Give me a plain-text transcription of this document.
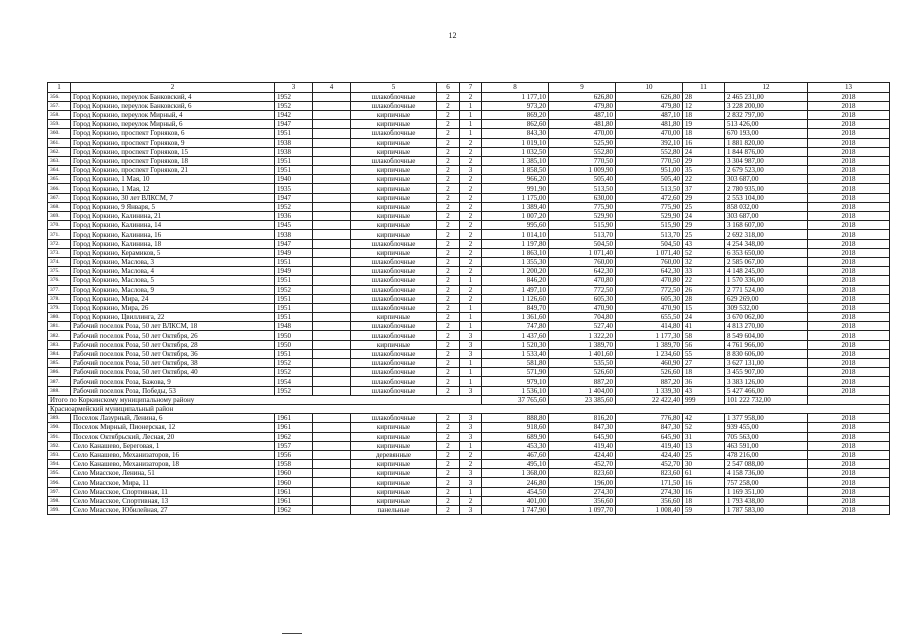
12
1	2	3	4	5	6	7	8	9	10	11	12	13
356.	Город Коркино, переулок Банковский, 4	1952		шлакоблочные	2	2	1 177,10	626,80	626,80	28	2 465 231,00	2018
357.	Город Коркино, переулок Банковский, 6	1952		шлакоблочные	2	1	973,20	479,80	479,80	12	3 228 200,00	2018
358.	Город Коркино, переулок Мирный, 4	1942		кирпичные	2	1	869,20	487,10	487,10	18	2 832 797,00	2018
359.	Город Коркино, переулок Мирный, 6	1947		кирпичные	2	1	862,60	481,80	481,80	19	513 426,00	2018
360.	Город Коркино, проспект Горняков, 6	1951		шлакоблочные	2	1	843,30	470,00	470,00	18	670 193,00	2018
361.	Город Коркино, проспект Горняков, 9	1938		кирпичные	2	2	1 019,10	525,90	392,10	16	1 881 820,00	2018
362.	Город Коркино, проспект Горняков, 15	1938		кирпичные	2	2	1 032,50	552,80	552,80	24	1 844 876,00	2018
363.	Город Коркино, проспект Горняков, 18	1951		шлакоблочные	2	2	1 385,10	770,50	770,50	29	3 304 987,00	2018
364.	Город Коркино, проспект Горняков, 21	1951		кирпичные	2	3	1 858,50	1 009,90	951,00	35	2 679 523,00	2018
365.	Город Коркино, 1 Мая, 10	1940		кирпичные	2	2	966,20	505,40	505,40	22	303 687,00	2018
366.	Город Коркино, 1 Мая, 12	1935		кирпичные	2	2	991,90	513,50	513,50	37	2 780 935,00	2018
367.	Город Коркино, 30 лет ВЛКСМ, 7	1947		кирпичные	2	2	1 175,00	630,00	472,60	29	2 553 104,00	2018
368.	Город Коркино, 9 Января, 5	1952		кирпичные	2	2	1 389,40	775,90	775,90	25	858 032,00	2018
369.	Город Коркино, Калинина, 21	1936		кирпичные	2	2	1 007,20	529,90	529,90	24	303 687,00	2018
370.	Город Коркино, Калинина, 14	1945		кирпичные	2	2	995,60	515,90	515,90	29	3 168 607,00	2018
371.	Город Коркино, Калинина, 16	1938		кирпичные	2	2	1 014,10	513,70	513,70	25	2 692 318,00	2018
372.	Город Коркино, Калинина, 18	1947		шлакоблочные	2	2	1 197,80	504,50	504,50	43	4 254 348,00	2018
373.	Город Коркино, Керамиков, 5	1949		кирпичные	2	2	1 863,10	1 071,40	1 071,40	52	6 353 650,00	2018
374.	Город Коркино, Маслова, 3	1951		шлакоблочные	2	2	1 355,30	760,00	760,00	32	2 585 067,00	2018
375.	Город Коркино, Маслова, 4	1949		шлакоблочные	2	2	1 200,20	642,30	642,30	33	4 148 245,00	2018
376.	Город Коркино, Маслова, 5	1951		шлакоблочные	2	1	846,20	470,80	470,80	22	1 570 336,00	2018
377.	Город Коркино, Маслова, 9	1952		шлакоблочные	2	2	1 497,10	772,50	772,50	26	2 771 524,00	2018
378.	Город Коркино, Мира, 24	1951		шлакоблочные	2	2	1 126,60	605,30	605,30	28	629 269,00	2018
379.	Город Коркино, Мира, 26	1951		шлакоблочные	2	1	849,70	470,90	470,90	15	309 532,00	2018
380.	Город Коркино, Цвиллинга, 22	1951		кирпичные	2	1	1 361,60	704,80	655,50	24	3 670 062,00	2018
381.	Рабочий поселок Роза, 50 лет ВЛКСМ, 18	1948		шлакоблочные	2	1	747,80	527,40	414,80	41	4 813 270,00	2018
382.	Рабочий поселок Роза, 50 лет Октября, 26	1950		шлакоблочные	2	3	1 437,60	1 322,20	1 177,30	58	8 549 604,00	2018
383.	Рабочий поселок Роза, 50 лет Октября, 28	1950		кирпичные	2	3	1 520,30	1 389,70	1 389,70	56	4 761 966,00	2018
384.	Рабочий поселок Роза, 50 лет Октября, 36	1951		шлакоблочные	2	3	1 533,40	1 401,60	1 234,60	55	8 830 606,00	2018
385.	Рабочий поселок Роза, 50 лет Октября, 38	1952		шлакоблочные	2	1	581,80	535,50	460,90	27	3 627 131,00	2018
386.	Рабочий поселок Роза, 50 лет Октября, 40	1952		шлакоблочные	2	1	571,90	526,60	526,60	18	3 455 907,00	2018
387.	Рабочий поселок Роза, Бажова, 9	1954		шлакоблочные	2	1	979,10	887,20	887,20	36	3 383 126,00	2018
388.	Рабочий поселок Роза, Победы, 53	1952		шлакоблочные	2	3	1 536,10	1 404,00	1 339,30	43	5 427 466,00	2018
Итого по Коркинскому муниципальному району							37 765,60	23 385,60	22 422,40	999	101 222 732,00	
Красноармейский муниципальный район												
389.	Поселок Лазурный, Ленина, 6	1961		шлакоблочные	2	3	888,80	816,20	776,80	42	1 377 958,00	2018
390.	Поселок Мирный, Пионерская, 12	1961		кирпичные	2	3	918,60	847,30	847,30	52	939 455,00	2018
391.	Поселок Октябрьский, Лесная, 20	1962		кирпичные	2	3	689,90	645,90	645,90	31	705 563,00	2018
392.	Село Канашево, Береговая, 1	1957		кирпичные	2	1	453,30	419,40	419,40	13	463 591,00	2018
393.	Село Канашево, Механизаторов, 16	1956		деревянные	2	2	467,60	424,40	424,40	25	478 216,00	2018
394.	Село Канашево, Механизаторов, 18	1958		кирпичные	2	2	495,10	452,70	452,70	30	2 547 088,00	2018
395.	Село Миасское, Ленина, 51	1960		кирпичные	2	3	1 368,00	823,60	823,60	61	4 158 736,00	2018
396.	Село Миасское, Мира, 11	1960		кирпичные	2	3	246,80	196,00	171,50	16	757 258,00	2018
397.	Село Миасское, Спортивная, 11	1961		кирпичные	2	1	454,50	274,30	274,30	16	1 169 351,00	2018
398.	Село Миасское, Спортивная, 13	1961		кирпичные	2	2	401,00	356,60	356,60	18	1 793 438,00	2018
399.	Село Миасское, Юбилейная, 27	1962		панельные	2	3	1 747,90	1 097,70	1 008,40	59	1 787 583,00	2018
